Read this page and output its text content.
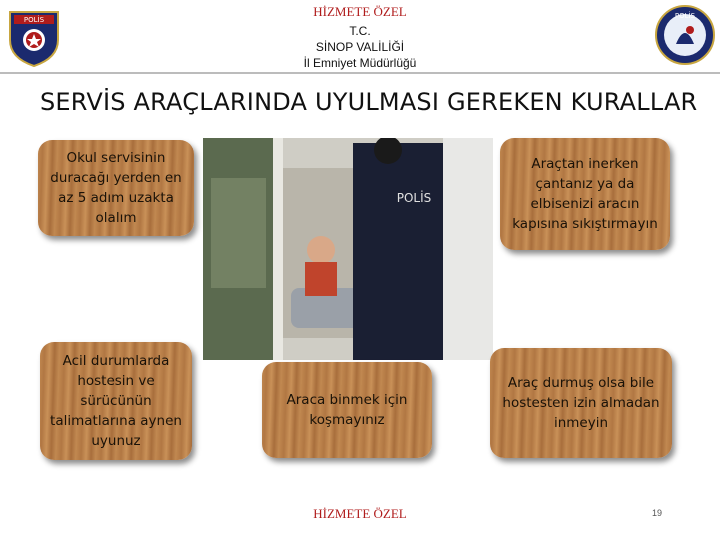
HİZMETE ÖZEL
T.C.
SİNOP VALİLİĞİ
İl Emniyet Müdürlüğü
POLİS	POLİS
SERVİS ARAÇLARINDA UYULMASI GEREKEN KURALLAR
POLİS
Okul servisinin duracağı yerden en az 5 adım uzakta olalım
Araçtan inerken çantanız ya da elbisenizi aracın kapısına sıkıştırmayın
Acil durumlarda hostesin ve sürücünün talimatlarına aynen uyunuz
Araca binmek için koşmayınız
Araç durmuş olsa bile hostesten izin almadan inmeyin
HİZMETE ÖZEL	19
